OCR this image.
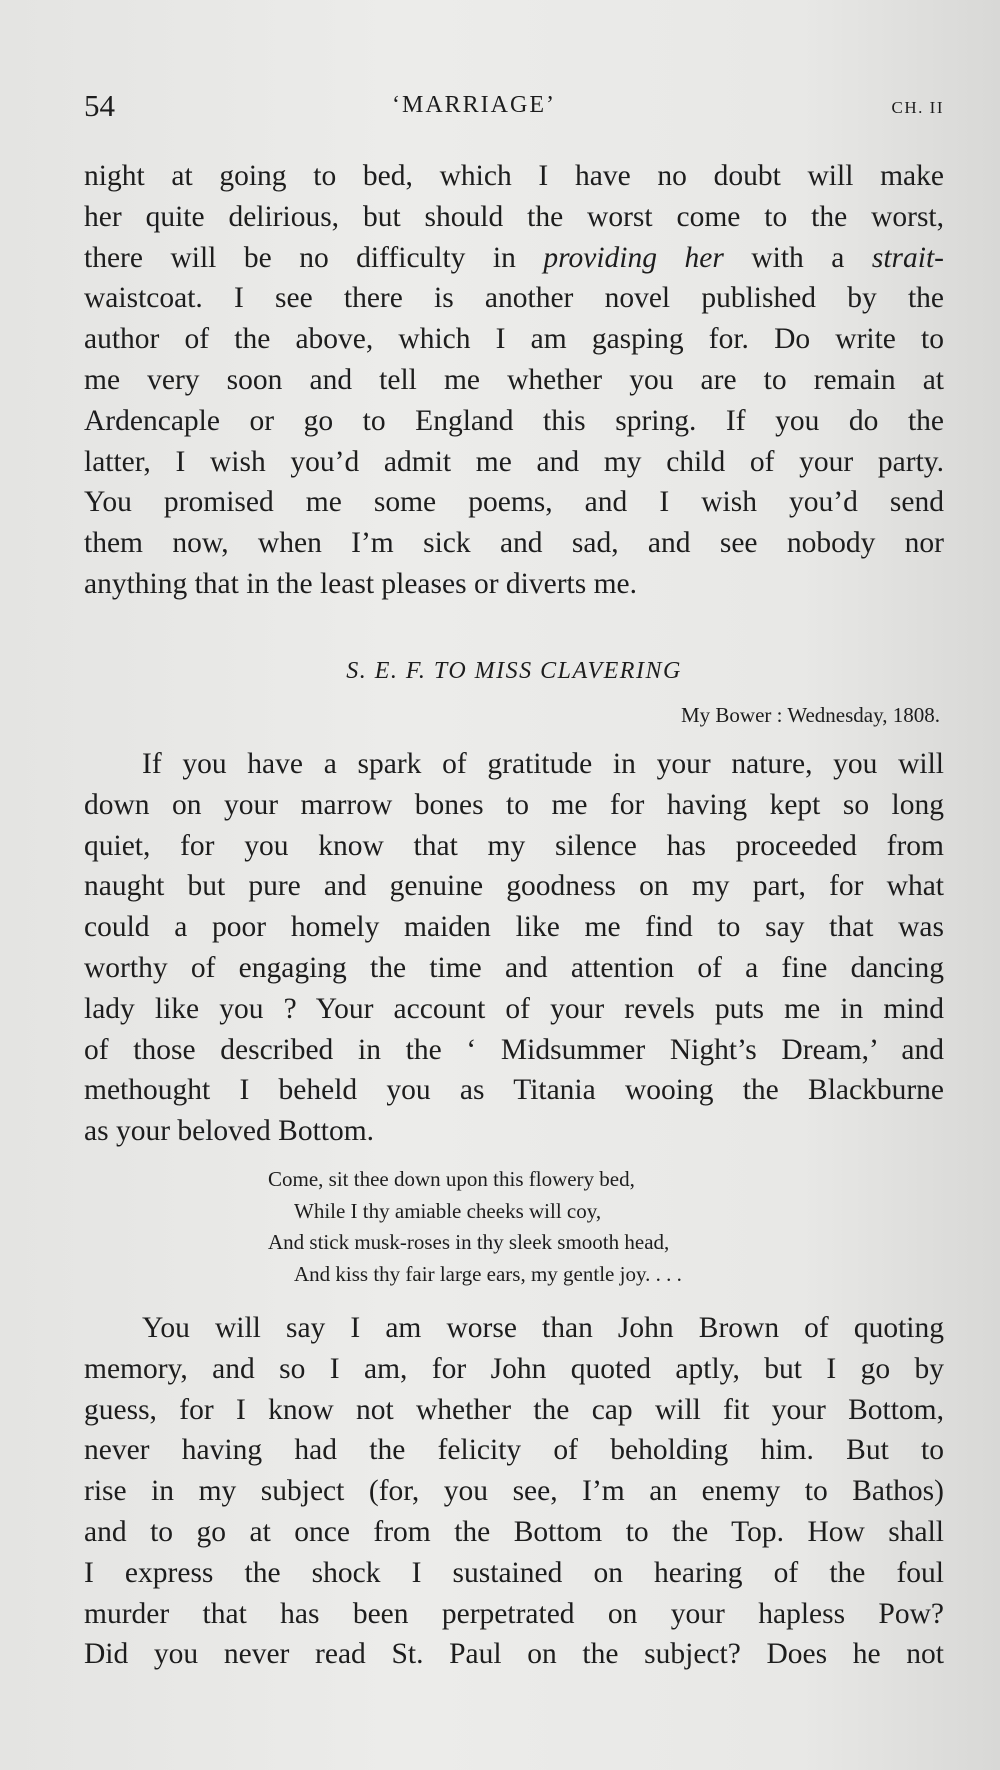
54	‘MARRIAGE’	CH. II
night at going to bed, which I have no doubt will make
her quite delirious, but should the worst come to the worst,
there will be no difficulty in providing her with a strait-
waistcoat. I see there is another novel published by the
author of the above, which I am gasping for. Do write to
me very soon and tell me whether you are to remain at
Ardencaple or go to England this spring. If you do the
latter, I wish you’d admit me and my child of your party.
You promised me some poems, and I wish you’d send
them now, when I’m sick and sad, and see nobody nor
anything that in the least pleases or diverts me.
S. E. F. TO MISS CLAVERING
My Bower : Wednesday, 1808.
If you have a spark of gratitude in your nature, you will
down on your marrow bones to me for having kept so long
quiet, for you know that my silence has proceeded from
naught but pure and genuine goodness on my part, for what
could a poor homely maiden like me find to say that was
worthy of engaging the time and attention of a fine dancing
lady like you ? Your account of your revels puts me in mind
of those described in the ‘ Midsummer Night’s Dream,’ and
methought I beheld you as Titania wooing the Blackburne
as your beloved Bottom.
Come, sit thee down upon this flowery bed,
While I thy amiable cheeks will coy,
And stick musk-roses in thy sleek smooth head,
And kiss thy fair large ears, my gentle joy. . . .
You will say I am worse than John Brown of quoting
memory, and so I am, for John quoted aptly, but I go by
guess, for I know not whether the cap will fit your Bottom,
never having had the felicity of beholding him. But to
rise in my subject (for, you see, I’m an enemy to Bathos)
and to go at once from the Bottom to the Top. How shall
I express the shock I sustained on hearing of the foul
murder that has been perpetrated on your hapless Pow?
Did you never read St. Paul on the subject? Does he not
